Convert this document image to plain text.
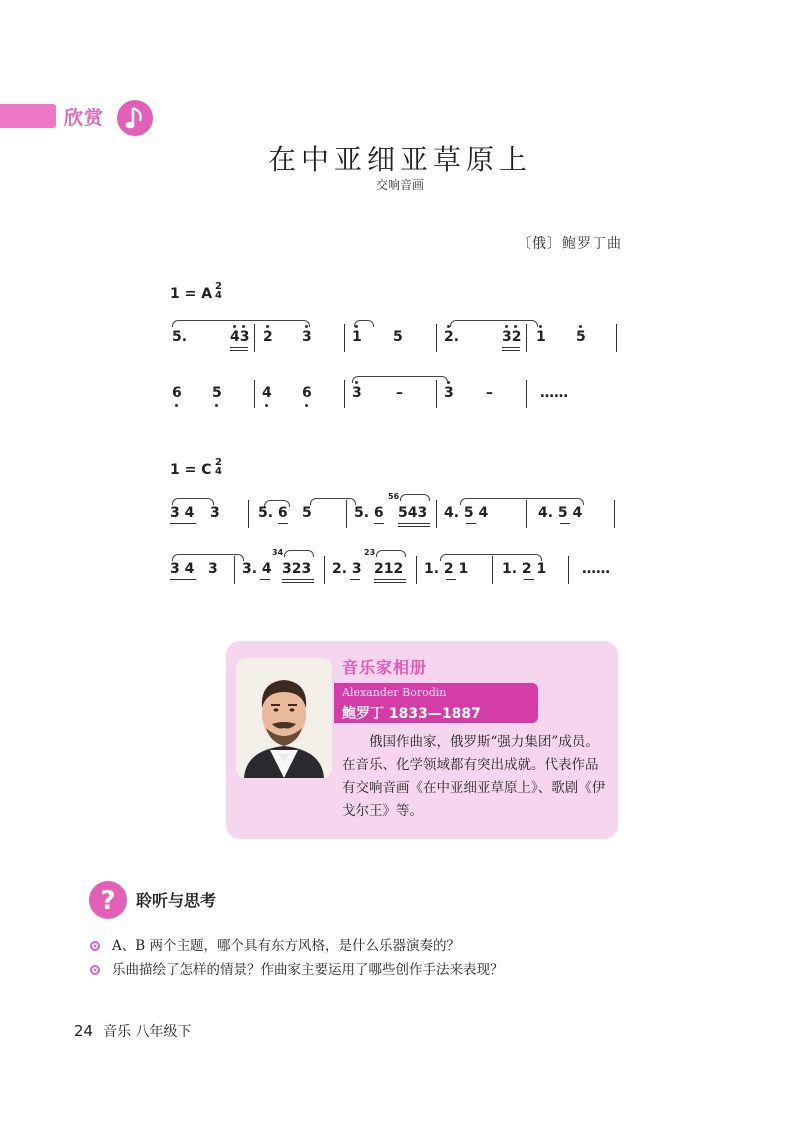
欣赏
在中亚细亚草原上
交响音画
〔俄〕鲍罗丁曲
1 = A 2
4
5.	43 2 3	1 5	2.	32 1 5
6 5	4 6	3 –	3 –	……
1 = C 2
4
3 4 3	5. 6 5	5. 6
56
543 4. 5 4	4. 5 4
3 4 3 3. 4
34
323 2. 3
23
212 1. 2 1 1. 2 1	……
音乐家相册
Alexander Borodin
鲍罗丁 1833—1887
俄国作曲家，俄罗斯“强力集团”成员。在音乐、化学领域都有突出成就。代表作品有交响音画《在中亚细亚草原上》、歌剧《伊戈尔王》等。
? 聆听与思考
A、B 两个主题，哪个具有东方风格，是什么乐器演奏的？
乐曲描绘了怎样的情景？作曲家主要运用了哪些创作手法来表现？
24 音乐 八年级下
